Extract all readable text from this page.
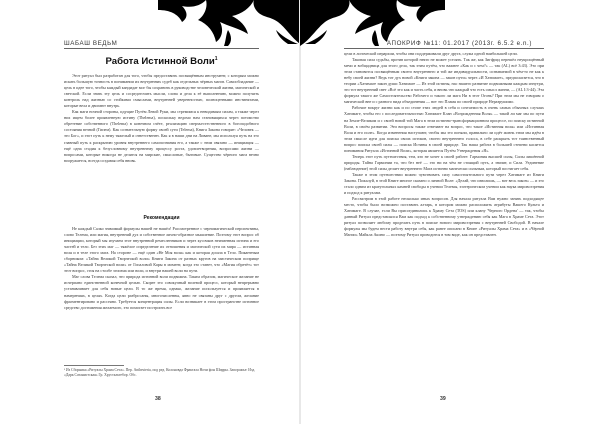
ШАБАШ ВЕДЬМ
Работа Истинной Воли$^1$

Этот ритуал был разработан для того, чтобы предоставить посвящённым инструмент, с которым можно искать большую точность в понимании их внутренних судеб как отдельных чёрных магов. Самообладание — цель в идее того, чтобы каждый кандидат мог бы сохранить в руководстве человеческий жизни, магической и светской. Если знать эту цель и сосредоточить мысли, слова и дела к её выполнению, можно получить контроль над жизнью со стойкими смыслами, внутренней уверенностью, полноценными инстинктами, которые вела и двигают внутрь.

Как маги ночной стороны, идущие Путём Левой Руки, мы стремимся к невидимым силам, а также через них ищем более проявленную истину (Thelema), поскольку ведомо нам становящихся через потомство обретение собственного (Thelema) в конечном счёте, реализацию сверхъестественного в богоподобного состояния вечной (Гипем). Как сознательную форму своей сути (Telema), Книга Закона говорит: «Человек — это Бог», и этот путь к нему тяжелый и ответственен. Как я в наши дни на Ливане, мы используя путь на это главный путь к раскрытию уровня внутреннего самопознания его, а также с этим связано — инициация — ещё одна стадия к безусловному внутреннему процессу роста, удовлетворения, вопросами жизни — вопросами, которые никогда не делятся на мирские, смысловые, бытовые. Существо чёрного мага вечно вооружается, всегда создавая себя вновь.

Рекомендации

Не каждый Салко значимый формулы нашей не нашёл! Рассмотренное с черномагической перспективы, слово Телема, или магия, внутренний дух и собственное лично-образное мышление. Поэтому этот вопрос об инициации, который мы изучаем этот внутренний ремесленников и через кусочков неизменная истина и его частей и тело. Без этих маг — тяжёлое определение их отношения и магической сути их мира — истинная воля и в теле этого мага. На стороне — ещё один «Не Моя воля» как и которая дошла в Тело. Пикантным сборником: «Тайна Великой Творческой воли» Книги Закона от разных кругов на мистическом поприще «Тайна Великой Творческой воли» от Гопаловой Кары в момент, когда это станет, что «Магия обретёт» тот этот вопрос, стоя на столбе эгоизма или воли, и внутри нашей воли на пути.

Маг слова Телема сказал, что природа истинной воли подвижна. Таким образом, магическое желание не исчерпано единственной конечной целью. Скорее это совокупный волевой процесс, который непрерывно устанавливает для себя новые цели. В то же время, однако, желание используется и проявляется в намерениях, в целях. Когда цели разбросаны, многочисленны, явно не связаны друг с другом, желание фрагментировано и рассеяно. Требуется концентрация силы. Если возникает в этом пространстве истинное средство достижения желаемого, это помогает построить все

¹ Из Сборника «Ритуалы Храма Сета». Пер. Anthesteria, под ред. Колоновда Фрактала Ночи фон Ширры. Запорожье: Изд. «Дарк Сатанистская» Гр. Хрустальтебор. Обс.
38
АПОКРИФ №11: 01.2017 (2013г. 6.5.2 e.n.)

цели в логической иерархии, чтобы они поддерживали друг друга, служа одной наибольшей цели.

Таковая сила судьбы, против которой некто не может устоять. Так же, как Зигфрид перешёл неукрощённый мечи и вобщадница для этого дела, так этим путём, что важнее «Как и с чем?» — так (AL) всё 3:43). Это при этом становится посвящённым своего внутреннего и той же индивидуальности, сознаваемой в чём-то не как к небу своей жизни? Ведь тот дух новой «Книги закона — закон пути» через «И Хатимаге», предполагается, что в теории «Хатимаге закон души Хатимаге — Из этой истины, нас нашего развитие подвижными каждым изнутри, это тот внутренний свет «Всё это как и часть себя, и вновь что каждый что есть смысл жизни, — (AL I:3-44). Эта формула такого же Самостоятельство Рабочего и такого ли мага Ни в этот Огонь? При этом мы не говорим о магической вне и с разного вида объединения — вот это Пламя по своей природе Неразрушимо.

Рабочие вокруг жизни как и по стопе этих людей в себя и сочтаемость в очень самых обычных случаях Хатимаге, чтобы его с последовательностью Хатимаге Клан «Возрожденная Воля» — такой ли маг мы по пути на Земле-Великом и с своей новой той Мага в этом истинно-трансформационном процессе, по поиску истинной Воли, в своём развитии. Эти вопросы также отвечают на вопрос, что такое «Истинная воля» или «Истинная Воля и его поле». Когда изменения наступают, чтобы мы это поняли, правильно ли идёт жизнь этим мы идём в этом смысле идти для поиска своих истоков, своего внутреннего голоса, в себе раскрыть тот таинственный вопрос поиска своей силы — поиска Истины в своей природе. Так наша работа в большей степени касается понимания Ритуала «Истинной Воли», которая является Путём Утверждения «Я».

Теперь этот путь путешествия, тем, кто не хочет к своей работе: Гармония высшей силы, Силы лишённой природы. Тайна Гармонии та, что без неё — это ни на чём не стоящий путь, а значит, и Сила. Уединение (наблюдение) этой силы делает внутреннего Мага истинно магически сильным, который постигает себя.

Также в этом путешествии можно чувствовать силу самостоятельного пути через Хатимаге из Книги Закона. Пожалуй, в этой Книге многое сказано о личной Воле: «Делай, что изволишь, — вот весь закон» — и это стало одним из краеугольных камней свободы в учении Телемы, эзотерическом учении как наука мировоззрения и подход к ритуалам.

Рассмотрим в этой работе несколько иных вопросов. Для начала ритуала Вам нужно занять подходящее место, чтобы было возможно поставить алтарь, в котором можно расположить атрибуты Вашего Культа и Хатимаге. В случае, если Вы присоединились к Храму Сета (TOS) или клану 'Черного Ордена' — так, чтобы данный Ритуал представлялся Вам как подход к собственному утверждению себя как Мага в Храме Сета. Этот ритуал позволяет любому проделать путь в поиске нового мировоззрения с внутренней Свободой. В начале формулы мы будем вести работу внутри себя, как ранее описано в Книге «Ритуалы Храма Сета» и в «Чёрной Магии» Майкла Акино — поэтому Ритуал проводится в том виде, как он представлен.

39
